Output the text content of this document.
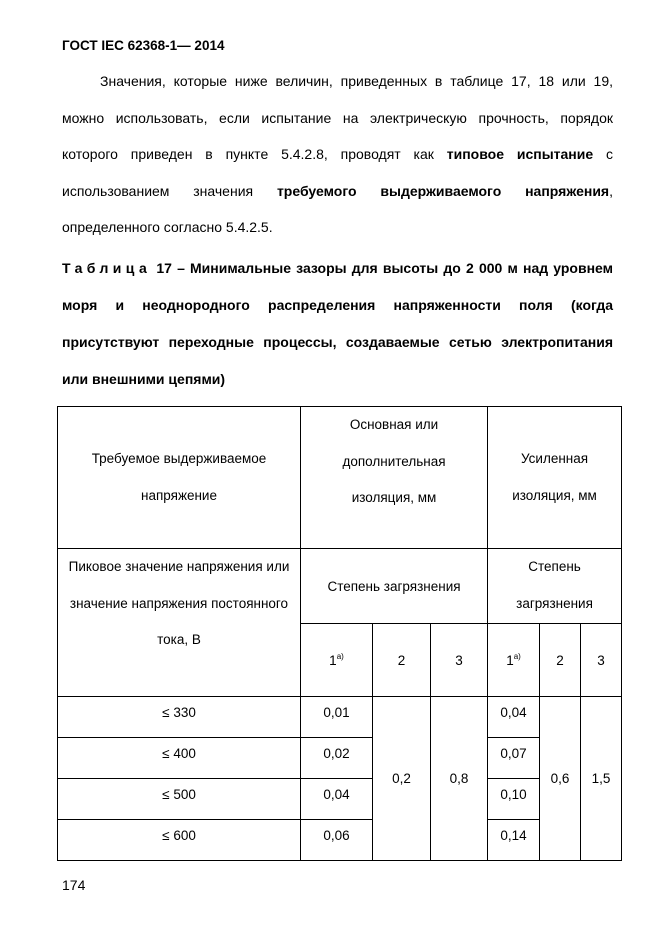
ГОСТ IEC 62368-1— 2014

Значения, которые ниже величин, приведенных в таблице 17, 18 или 19, можно использовать, если испытание на электрическую прочность, порядок которого приведен в пункте 5.4.2.8, проводят как типовое испытание с использованием значения требуемого выдерживаемого напряжения, определенного согласно 5.4.2.5.

Таблица 17 – Минимальные зазоры для высоты до 2 000 м над уровнем моря и неоднородного распределения напряженности поля (когда присутствуют переходные процессы, создаваемые сетью электропитания или внешними цепями)

Требуемое выдерживаемое напряжение	Основная или дополнительная изоляция, мм			Усиленная изоляция, мм		

Пиковое значение напряжения или значение напряжения постоянного тока, В	Степень загрязнения			Степень загрязнения		

	$1^{а)}$	2	3	$1^{а)}$	2	3
≤ 330	0,01	0,2	0,8	0,04	0,6	1,5
≤ 400	0,02			0,07		
≤ 500	0,04			0,10		
≤ 600	0,06			0,14		
174
